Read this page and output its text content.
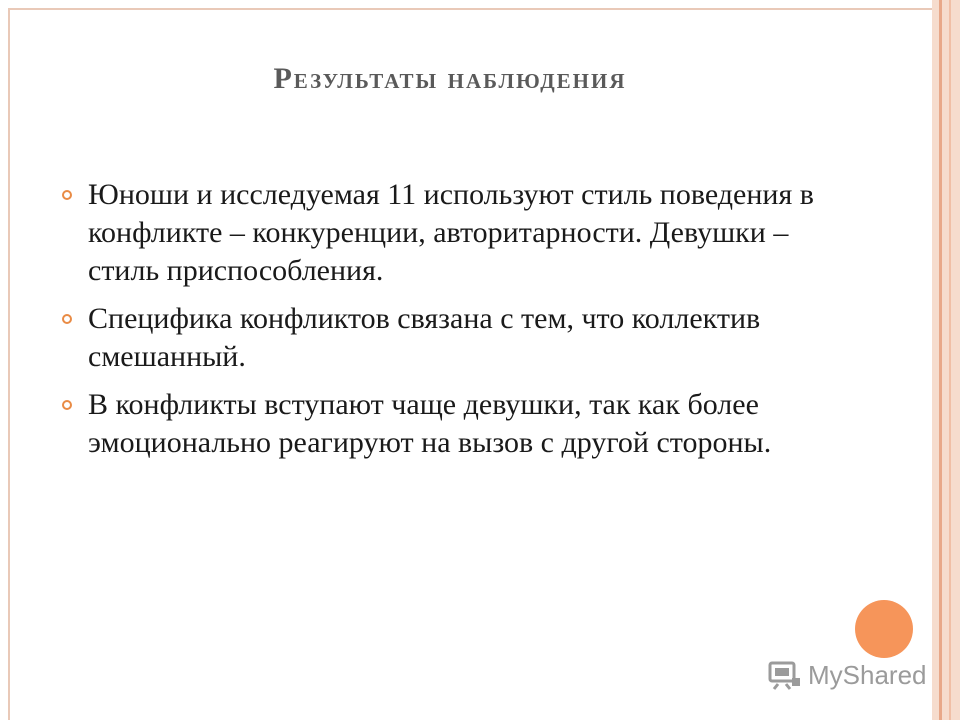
Результаты наблюдения
Юноши и исследуемая 11 используют стиль поведения в конфликте – конкуренции, авторитарности. Девушки – стиль приспособления.
Специфика конфликтов связана с тем, что коллектив смешанный.
В конфликты вступают чаще девушки, так как более эмоционально реагируют на вызов с другой стороны.
MyShared
